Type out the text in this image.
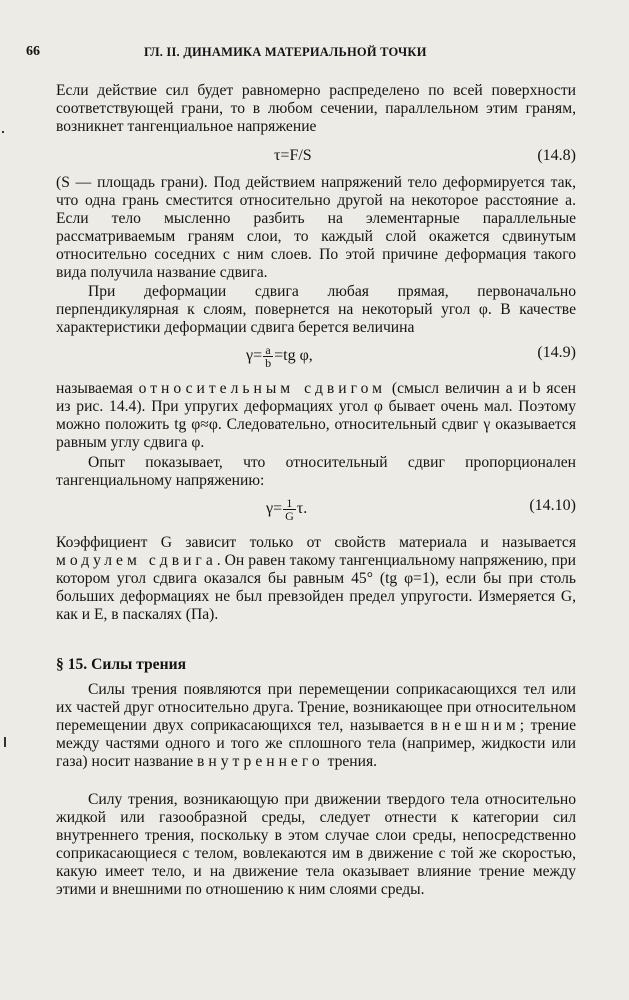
66	ГЛ. II. ДИНАМИКА МАТЕРИАЛЬНОЙ ТОЧКИ

Если действие сил будет равномерно распределено по всей поверхности соответствующей грани, то в любом сечении, параллельном этим граням, возникнет тангенциальное напряжение

τ=F/S	(14.8)

(S — площадь грани). Под действием напряжений тело деформируется так, что одна грань сместится относительно другой на некоторое расстояние a. Если тело мысленно разбить на элементарные параллельные рассматриваемым граням слои, то каждый слой окажется сдвинутым относительно соседних с ним слоев. По этой причине деформация такого вида получила название сдвига.

При деформации сдвига любая прямая, первоначально перпендикулярная к слоям, повернется на некоторый угол φ. В качестве характеристики деформации сдвига берется величина

$\gamma= \frac{a}{b} =tg$ φ,	(14.9)

называемая относительным сдвигом (смысл величин a и b ясен из рис. 14.4). При упругих деформациях угол φ бывает очень мал. Поэтому можно положить tg φ≈φ. Следовательно, относительный сдвиг γ оказывается равным углу сдвига φ.

Опыт показывает, что относительный сдвиг пропорционален тангенциальному напряжению:

$\gamma= \frac{1}{G} \tau$.	(14.10)

Коэффициент G зависит только от свойств материала и называется модулем сдвига. Он равен такому тангенциальному напряжению, при котором угол сдвига оказался бы равным 45° (tg φ=1), если бы при столь больших деформациях не был превзойден предел упругости. Измеряется G, как и E, в паскалях (Па).

§ 15. Силы трения

Силы трения появляются при перемещении соприкасающихся тел или их частей друг относительно друга. Трение, возникающее при относительном перемещении двух соприкасающихся тел, называется внешним; трение между частями одного и того же сплошного тела (например, жидкости или газа) носит название внутреннего трения.

Силу трения, возникающую при движении твердого тела относительно жидкой или газообразной среды, следует отнести к категории сил внутреннего трения, поскольку в этом случае слои среды, непосредственно соприкасающиеся с телом, вовлекаются им в движение с той же скоростью, какую имеет тело, и на движение тела оказывает влияние трение между этими и внешними по отношению к ним слоями среды.
